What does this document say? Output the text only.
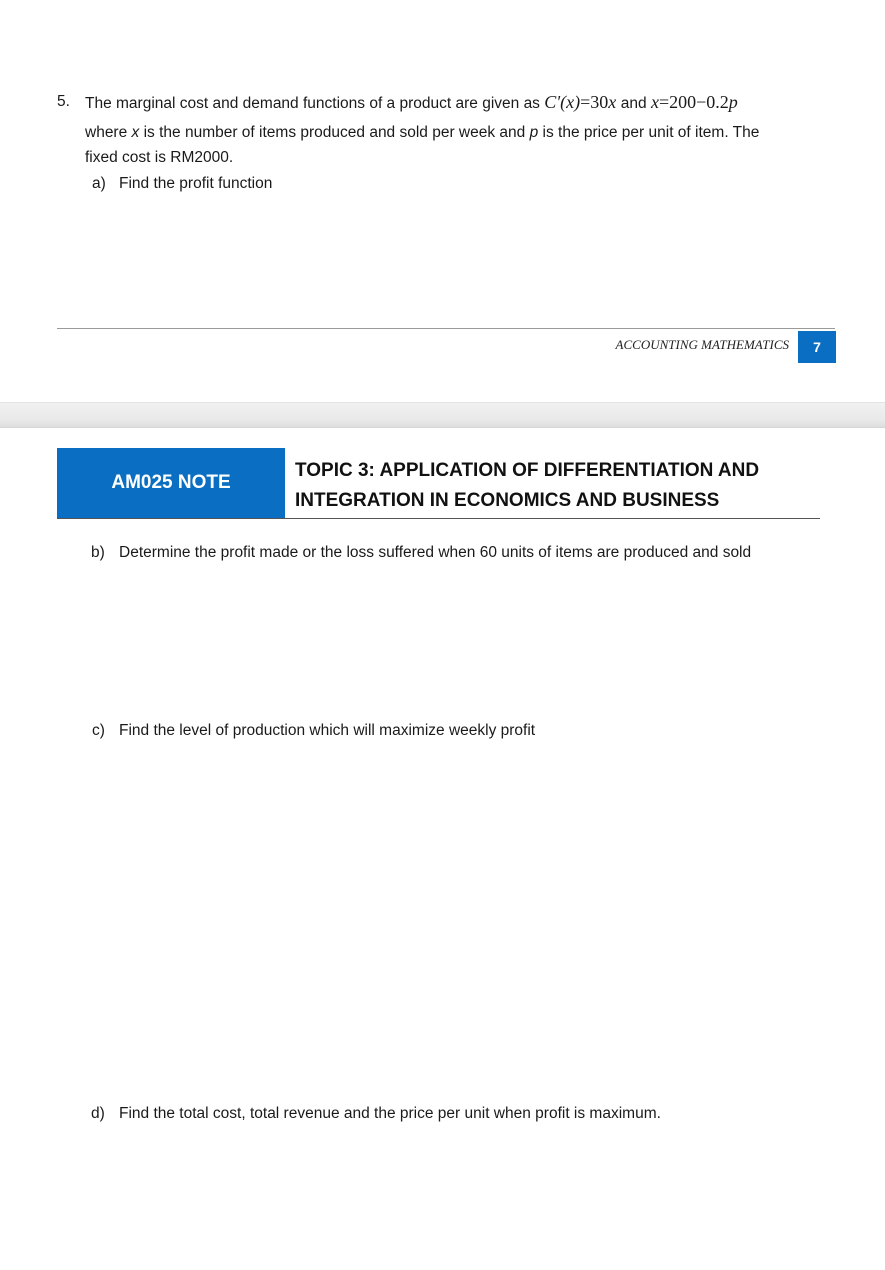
5. The marginal cost and demand functions of a product are given as C'(x)=30x and x=200−0.2p
where x is the number of items produced and sold per week and p is the price per unit of item. The
fixed cost is RM2000.
a) Find the profit function
ACCOUNTING MATHEMATICS	7
AM025 NOTE
TOPIC 3: APPLICATION OF DIFFERENTIATION AND
INTEGRATION IN ECONOMICS AND BUSINESS
b) Determine the profit made or the loss suffered when 60 units of items are produced and sold
c) Find the level of production which will maximize weekly profit
d) Find the total cost, total revenue and the price per unit when profit is maximum.
